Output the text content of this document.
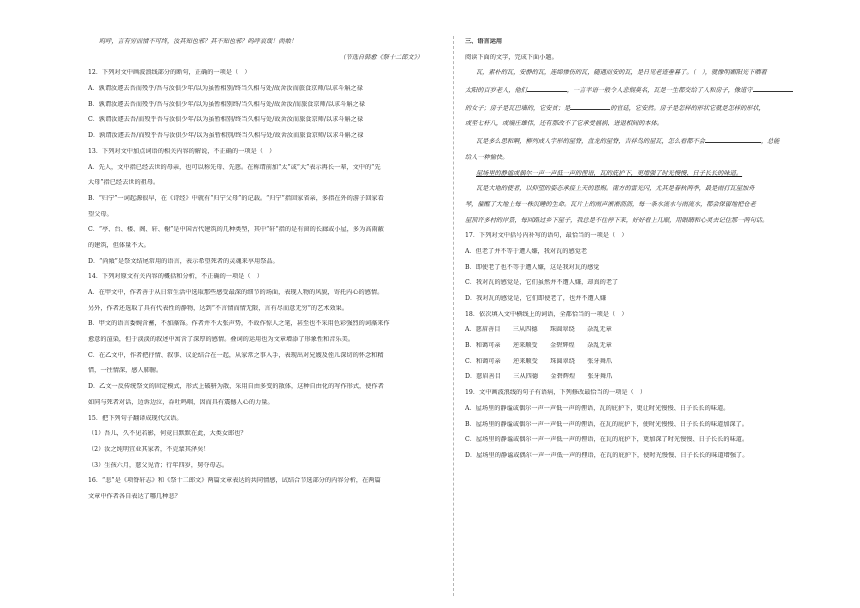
呜呼，言有穷而情不可终，汝其知也邪？其不知也邪？呜呼哀哉！尚飨！

（节选自韩愈《祭十二郎文》）

12．下列对文中画波浪线部分的断句，正确的一项是（　）

A．孰谓汝遽去吾而殁乎/吾与汝俱少年/以为虽暂相别/终当久相与处/故舍汝而旅食京师/以求斗斛之禄

B．孰谓汝遽去吾而殁乎/吾与汝俱少年/以为虽暂相别终/当久相与处/故舍汝/而旅食京师/以求斗斛之禄

C．孰谓汝遽去吾/而殁乎吾与汝俱少年/以为虽暂相别/终当久相与处/故舍汝而旅食京师/以求斗斛之禄

D．孰谓汝遽去吾/而殁乎吾与汝俱少年/以为虽暂相别/终当久相与处/故舍汝而旅食京师/以求斗斛之禄

13．下列对文中加点词语的相关内容的解说，不正确的一项是（　）

A．先人，文中指已经去世的母亲，也可以称先母、先慈。在称谓前加“太”或“大”表示再长一辈，文中的“先

大母”指已经去世的祖母。

B．“归宁”一词起源很早，在《诗经》中就有“归宁父母”的记载。“归宁”指回家省亲，多指在外的游子回家看

望父母。

C．“亭、台、楼、阁、轩、榭”是中国古代建筑的几种类型，其中“轩”指的是有窗的长廊或小屋，多为高雨蔽

的建筑，但体量不大。

D．“尚飨”是祭文结尾常用的语言，表示希望死者的灵魂来享用祭品。

14．下列对原文有关内容的概括和分析，不正确的一项是（　）

A．在甲文中，作者善于从日常生活中选取那些感受最深的细节的场面，表现人物的风貌，寄托内心的感情。

另外，作者还选取了具有代表性的静物，达到“不言情而情无限，言有尽而意无穷”的艺术效果。

B．甲文的语言委婉含蓄，不加藻饰。作者并不大张声势，不故作惊人之笔，甚至也不采用色彩强烈的词藻来作

愈意的渲染，但于淡淡的叙述中寓含了深厚的感情。叠词的运用也为文章增添了形象性和音乐美。

C．在乙文中，作者把抒情、叙事、议论结合在一起，从家常之事入手，表现出对兄嫂及侄儿深切的怀念和精

惜，一往情深，感人肺腑。

D．乙文一反传统祭文的固定模式，形式上破骈为散，采用自由多变的散体，这种自由化的写作形式，使作者

如同与死者对话，边诉边泣，吞吐鸣咽，因而具有震撼人心的力量。

15．把下列句子翻译成现代汉语。

（1）吾儿，久不见若影，何竟日默默在此，大类女郎也？

（2）汝之纯明宜业其家者，不克蒙其泽矣！

（3）生孩六月，慈父见背；行年四岁，舅夺母志。

16．“悲”是《项脊轩志》和《祭十二郎文》两篇文章表达的共同情感，试结合节选部分的内容分析，在两篇

文章中作者各自表达了哪几种悲？

三、语言运用

阅读下面的文字，完成下面小题。

瓦，素朴的瓦，安静的瓦，连绵惨伤的瓦，随遇而安的瓦，是日见老迹垂暮了。（　），就像明媚阳光下晒着

太阳的百岁老人，他们	，一言半语一般令人悲悯莫名，瓦是一生都交给了人和房子，像道守

的女子；房子是瓦巴墙的，它安贫；是	的官廷，它安然。房子是怎样的形状它就是怎样的形状，

或至七杆八，或端庄雄伟，还有那改不了它承受福祸、进退相间的本体。

瓦是多么思和啊，柳列成人字形的屋脊，盘龙的屋脊，吉祥鸟的屋瓦，怎么看都不会	，总能

给人一种愉快。

屋场里的静谧或偶尔一声一声低一声的俚语，瓦的庇护下，更增强了时光慢慢、日子长长的味道。

瓦是大地的使者，以仰望的姿态承接上天的恩赐。南方的雷光闪，尤其是春秋两季，最是雨打瓦屋加舟

琴，催醒了大地上每一株沉睡的生命。瓦片上的雨声淅淅沥沥，每一条水流水与雨流水，都会保留地把仓老

屋顶许多村的岸景，每回路过乡下屋子，我总是不住停下来，好好看上几眼，用眼睛和心灵去记住那一两句话。

17．下列对文中括号内补写的语句，最恰当的一项是（　）

A．但老了并不等于遭人嫌，我对瓦的感觉老

B．即使老了也不等于遭人嫌，这是我对瓦的感觉

C．我对瓦的感觉是，它们虽然并不遭人嫌，却真的老了

D．我对瓦的感觉是，它们即使老了，也并不遭人嫌

18．依次填入文中横线上的词语，全都恰当的一项是（　）

A．慈眉善目　　 三从四德　　 珠圆翠绕　　 杂乱无章

B．和蔼可亲　　 逆来顺受　　 金碧辉煌　　 杂乱无章

C．和蔼可亲　　 逆来顺受　　 珠圆翠绕　　 张牙舞爪

D．慈眉善目　　 三从四德　　 金碧辉煌　　 张牙舞爪

19．文中画波浪线的句子有语病，下列修改最恰当的一项是（　）

A．屋场里的静谧或偶尔一声一声低一声的俚语，瓦的庇护下，更让时光慢慢、日子长长的味道。

B．屋场里的静谧或偶尔一声一声低一声的俚语，在瓦的庇护下，使时光慢慢、日子长长的味道加深了。

C．屋场里的静谧或偶尔一声一声低一声的俚语，在瓦的庇护下，更加深了时光慢慢、日子长长的味道。

D．屋场里的静谧或偶尔一声一声低一声的俚语，在瓦的庇护下，使时光慢慢、日子长长的味道增强了。
